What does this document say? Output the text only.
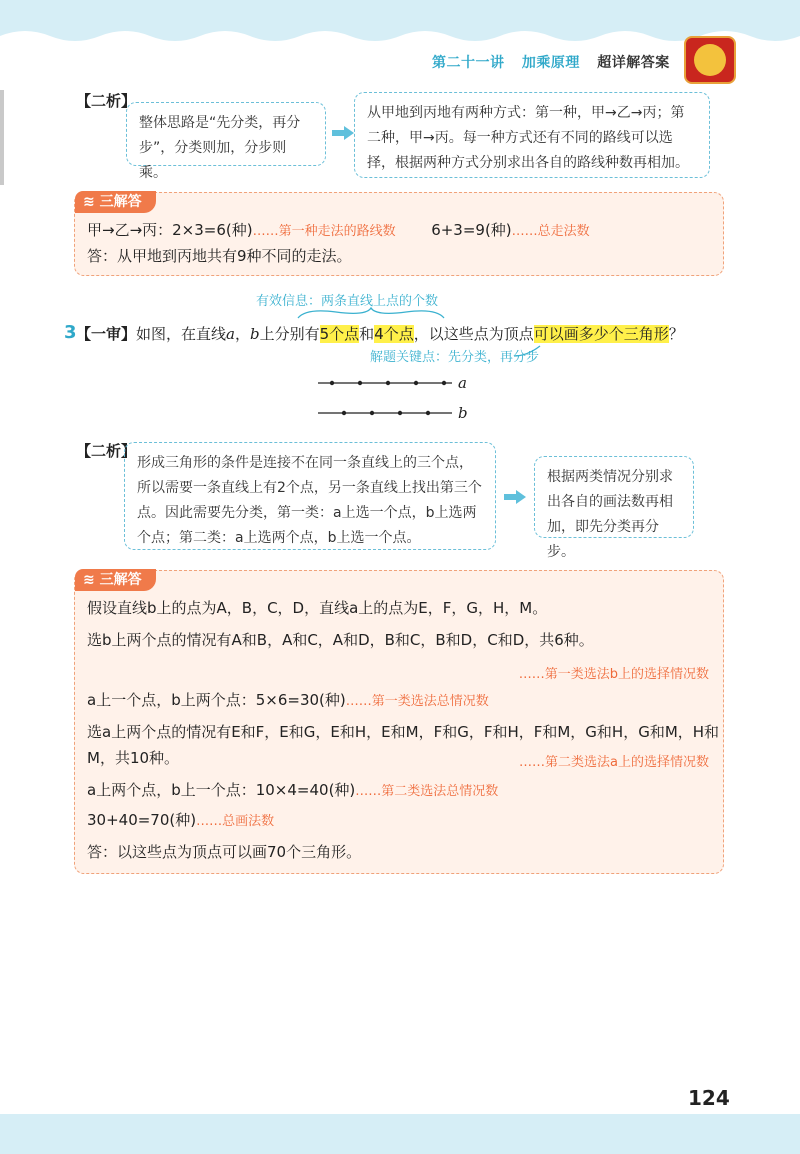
第二十一讲 加乘原理 超详解答案
【二析】
整体思路是“先分类，再分步”，分类则加，分步则乘。
从甲地到丙地有两种方式：第一种，甲→乙→丙；第二种，甲→丙。每一种方式还有不同的路线可以选择，根据两种方式分别求出各自的路线种数再相加。
≋ 三解答
甲→乙→丙：2×3=6(种)……第一种走法的路线数 6+3=9(种)……总走法数
答：从甲地到丙地共有9种不同的走法。
有效信息：两条直线上点的个数
3 【一审】如图，在直线a，b上分别有5个点和4个点，以这些点为顶点可以画多少个三角形？
解题关键点：先分类，再分步
a
b
【二析】
形成三角形的条件是连接不在同一条直线上的三个点，所以需要一条直线上有2个点，另一条直线上找出第三个点。因此需要先分类，第一类：a上选一个点，b上选两个点；第二类：a上选两个点，b上选一个点。
根据两类情况分别求出各自的画法数再相加，即先分类再分步。
≋ 三解答
假设直线b上的点为A，B，C，D，直线a上的点为E，F，G，H，M。
选b上两个点的情况有A和B，A和C，A和D，B和C，B和D，C和D，共6种。
……第一类选法b上的选择情况数
a上一个点，b上两个点：5×6=30(种)……第一类选法总情况数
选a上两个点的情况有E和F，E和G，E和H，E和M，F和G，F和H，F和M，G和H，G和M，H和
M，共10种。	……第二类选法a上的选择情况数
a上两个点，b上一个点：10×4=40(种)……第二类选法总情况数
30+40=70(种)……总画法数
答：以这些点为顶点可以画70个三角形。
124
